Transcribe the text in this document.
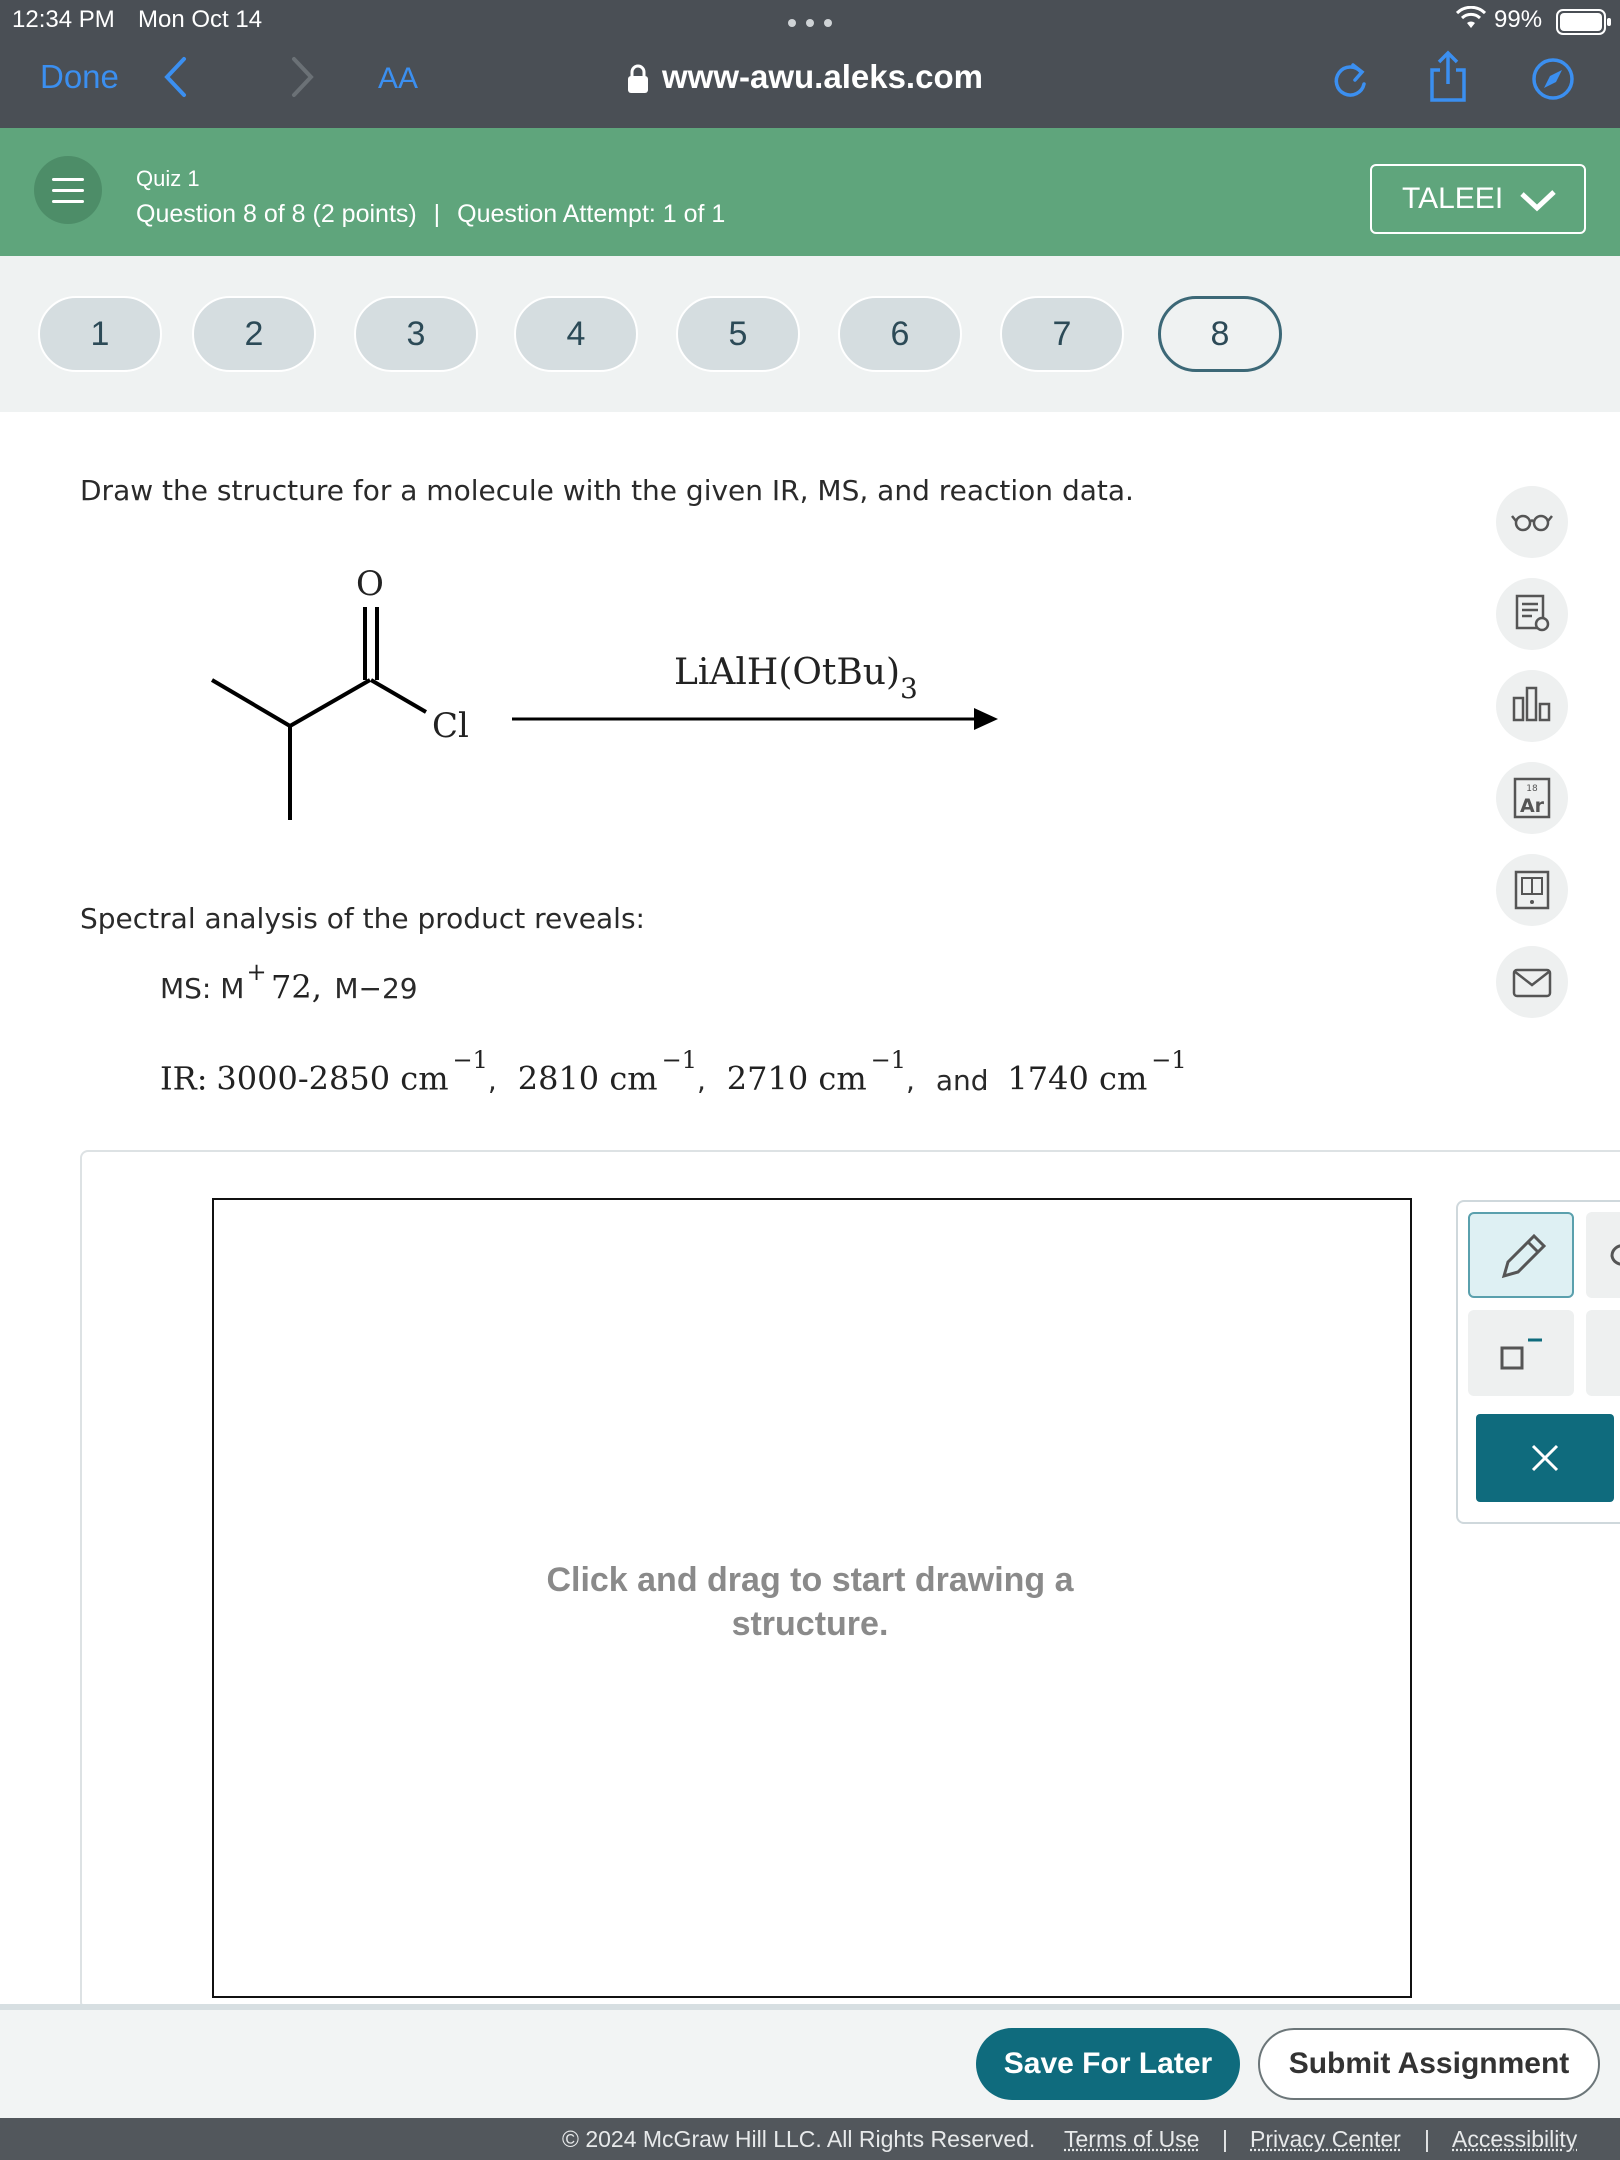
12:34 PM Mon Oct 14	99%
Done	AA	www-awu.aleks.com
Quiz 1
Question 8 of 8 (2 points) | Question Attempt: 1 of 1	TALEEI
1	2	3	4	5	6	7	8
Draw the structure for a molecule with the given IR, MS, and reaction data.
O
Cl
$LiAlH(OtBu)_3$
Spectral analysis of the product reveals:
MS: M+ 72, M−29
IR: 3000-2850 cm $^{-1}$, 2810 cm $^{-1}$, 2710 cm $^{-1}$, and 1740 cm $^{-1}$
18
Ar
Click and drag to start drawing a structure.
Save For Later	Submit Assignment
© 2024 McGraw Hill LLC. All Rights Reserved. Terms of Use | Privacy Center | Accessibility
